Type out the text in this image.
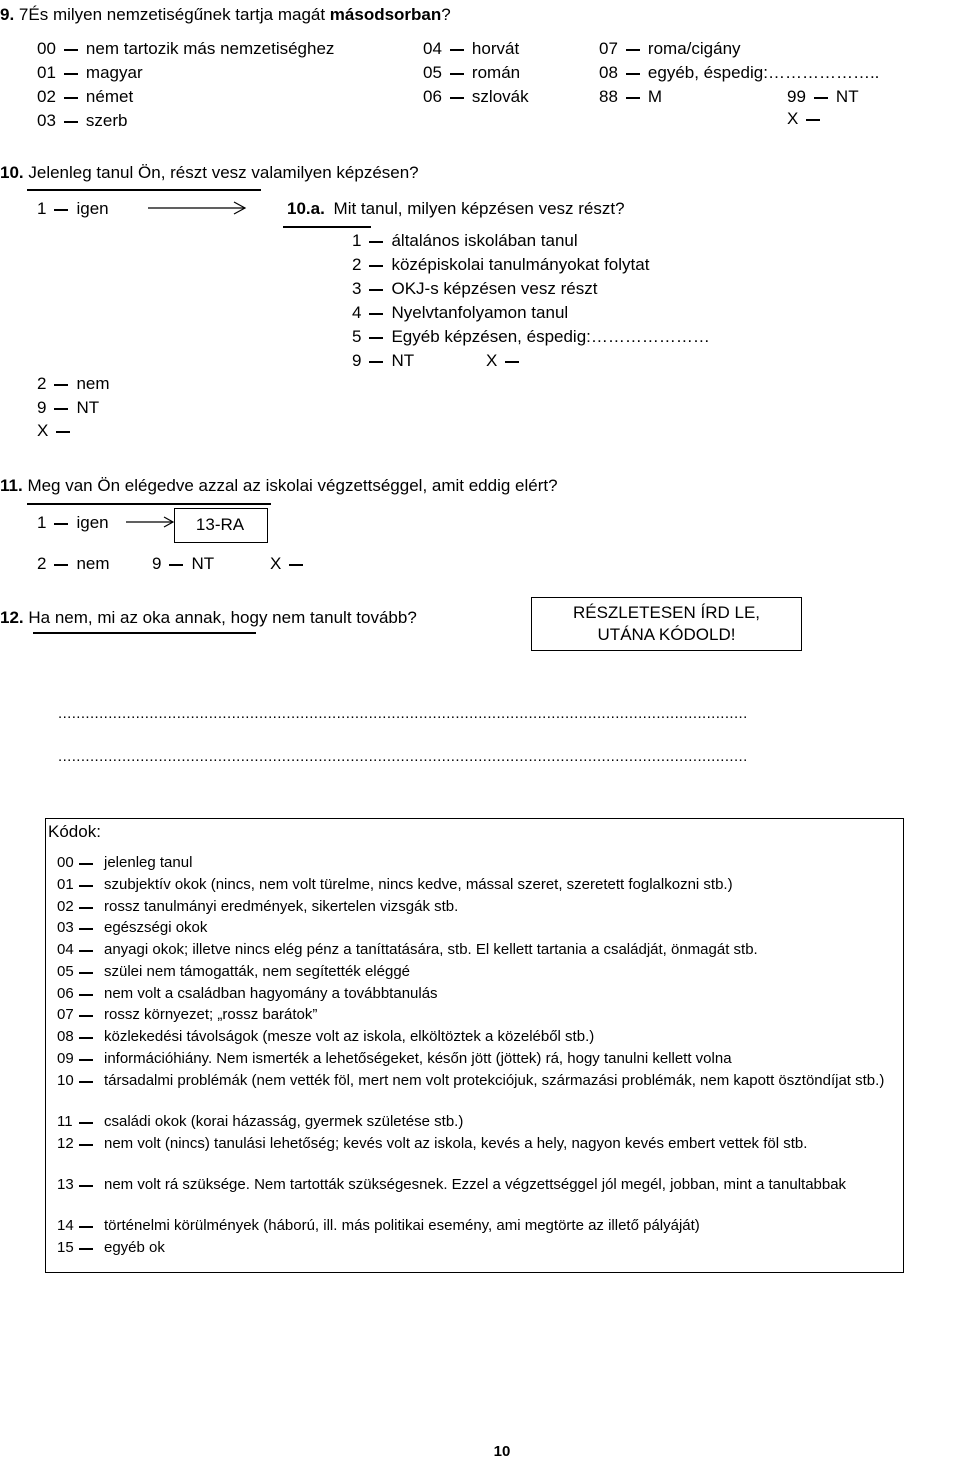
9. 7És milyen nemzetiségűnek tartja magát másodsorban?
00 nem tartozik más nemzetiséghez
01 magyar
02 német
03 szerb
04 horvát
05 román
06 szlovák
07 roma/cigány
08 egyéb, éspedig:………………..
88 M	99 NT
X
10. Jelenleg tanul Ön, részt vesz valamilyen képzésen?
1 igen	10.a. Mit tanul, milyen képzésen vesz részt?
1 általános iskolában tanul
2 középiskolai tanulmányokat folytat
3 OKJ-s képzésen vesz részt
4 Nyelvtanfolyamon tanul
5 Egyéb képzésen, éspedig:…………………
9 NT	X
2 nem
9 NT
X
11. Meg van Ön elégedve azzal az iskolai végzettséggel, amit eddig elért?
1 igen	13-RA
2 nem 9 NT	X
12. Ha nem, mi az oka annak, hogy nem tanult tovább?	RÉSZLETESEN ÍRD LE,
UTÁNA KÓDOLD!
.......................................................................................................................................................
.......................................................................................................................................................
Kódok:
00 jelenleg tanul
01 szubjektív okok (nincs, nem volt türelme, nincs kedve, mással szeret, szeretett foglalkozni stb.)
02 rossz tanulmányi eredmények, sikertelen vizsgák stb.
03 egészségi okok
04 anyagi okok; illetve nincs elég pénz a taníttatására, stb. El kellett tartania a családját, önmagát stb.
05 szülei nem támogatták, nem segítették eléggé
06 nem volt a családban hagyomány a továbbtanulás
07 rossz környezet; „rossz barátok”
08 közlekedési távolságok (mesze volt az iskola, elköltöztek a közeléből stb.)
09 információhiány. Nem ismerték a lehetőségeket, későn jött (jöttek) rá, hogy tanulni kellett volna
10 társadalmi problémák (nem vették föl, mert nem volt protekciójuk, származási problémák, nem kapott ösztöndíjat stb.)
11 családi okok (korai házasság, gyermek születése stb.)
12 nem volt (nincs) tanulási lehetőség; kevés volt az iskola, kevés a hely, nagyon kevés embert vettek föl stb.
13 nem volt rá szüksége. Nem tartották szükségesnek. Ezzel a végzettséggel jól megél, jobban, mint a tanultabbak
14 történelmi körülmények (háború, ill. más politikai esemény, ami megtörte az illető pályáját)
15 egyéb ok
10
